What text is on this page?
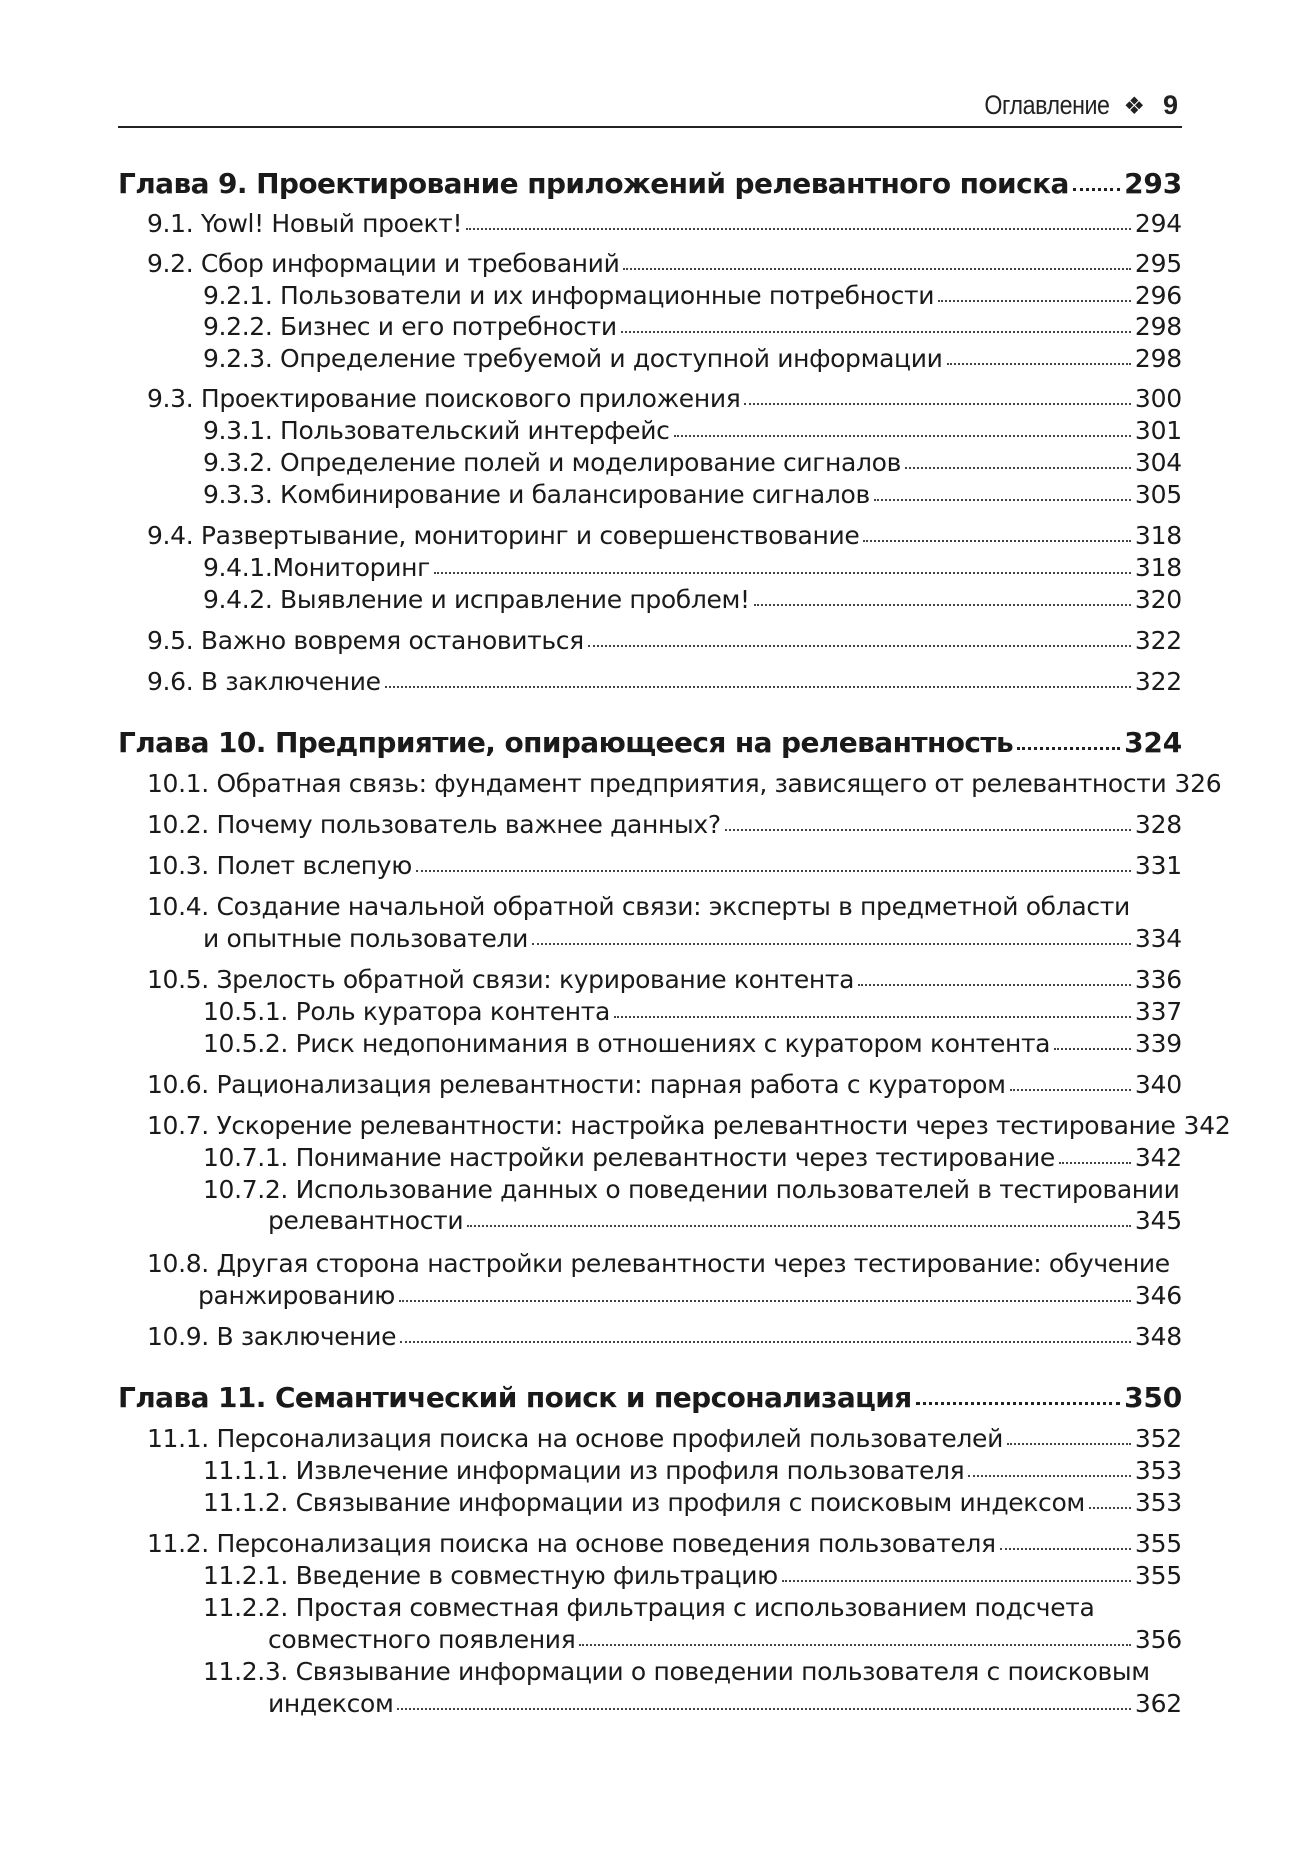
Оглавление ❖ 9
Глава 9. Проектирование приложений релевантного поиска 293
9.1. Yowl! Новый проект!	294
9.2. Сбор информации и требований	295
9.2.1. Пользователи и их информационные потребности	296
9.2.2. Бизнес и его потребности	298
9.2.3. Определение требуемой и доступной информации	298
9.3. Проектирование поискового приложения	300
9.3.1. Пользовательский интерфейс	301
9.3.2. Определение полей и моделирование сигналов	304
9.3.3. Комбинирование и балансирование сигналов	305
9.4. Развертывание, мониторинг и совершенствование	318
9.4.1.Мониторинг	318
9.4.2. Выявление и исправление проблем!	320
9.5. Важно вовремя остановиться	322
9.6. В заключение	322
Глава 10. Предприятие, опирающееся на релевантность	324
10.1. Обратная связь: фундамент предприятия, зависящего от релевантности 326
10.2. Почему пользователь важнее данных?	328
10.3. Полет вслепую	331
10.4. Создание начальной обратной связи: эксперты в предметной области
и опытные пользователи	334
10.5. Зрелость обратной связи: курирование контента	336
10.5.1. Роль куратора контента	337
10.5.2. Риск недопонимания в отношениях с куратором контента	339
10.6. Рационализация релевантности: парная работа с куратором	340
10.7. Ускорение релевантности: настройка релевантности через тестирование 342
10.7.1. Понимание настройки релевантности через тестирование	342
10.7.2. Использование данных о поведении пользователей в тестировании
релевантности	345
10.8. Другая сторона настройки релевантности через тестирование: обучение
ранжированию	346
10.9. В заключение	348
Глава 11. Семантический поиск и персонализация	350
11.1. Персонализация поиска на основе профилей пользователей	352
11.1.1. Извлечение информации из профиля пользователя	353
11.1.2. Связывание информации из профиля с поисковым индексом 353
11.2. Персонализация поиска на основе поведения пользователя	355
11.2.1. Введение в совместную фильтрацию	355
11.2.2. Простая совместная фильтрация с использованием подсчета
совместного появления	356
11.2.3. Связывание информации о поведении пользователя с поисковым
индексом	362
